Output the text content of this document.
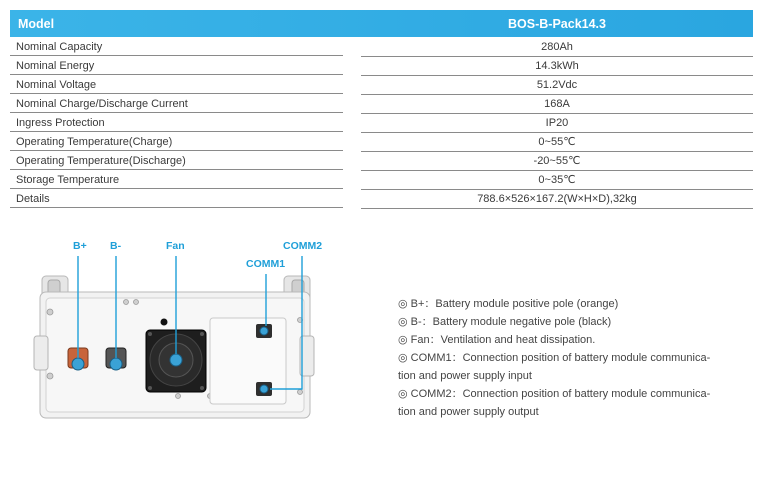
Model	BOS-B-Pack14.3
Nominal Capacity	280Ah
Nominal Energy	14.3kWh
Nominal Voltage	51.2Vdc
Nominal Charge/Discharge Current	168A
Ingress Protection	IP20
Operating Temperature(Charge)	0~55℃
Operating Temperature(Discharge)	-20~55℃
Storage Temperature	0~35℃
Details	788.6×526×167.2(W×H×D),32kg
B+ B-	Fan	COMM2
COMM1

◎ B+：Battery module positive pole (orange)

◎ B-：Battery module negative pole (black)

◎ Fan：Ventilation and heat dissipation.

◎ COMM1：Connection position of battery module communica-

tion and power supply input

◎ COMM2：Connection position of battery module communica-

tion and power supply output
